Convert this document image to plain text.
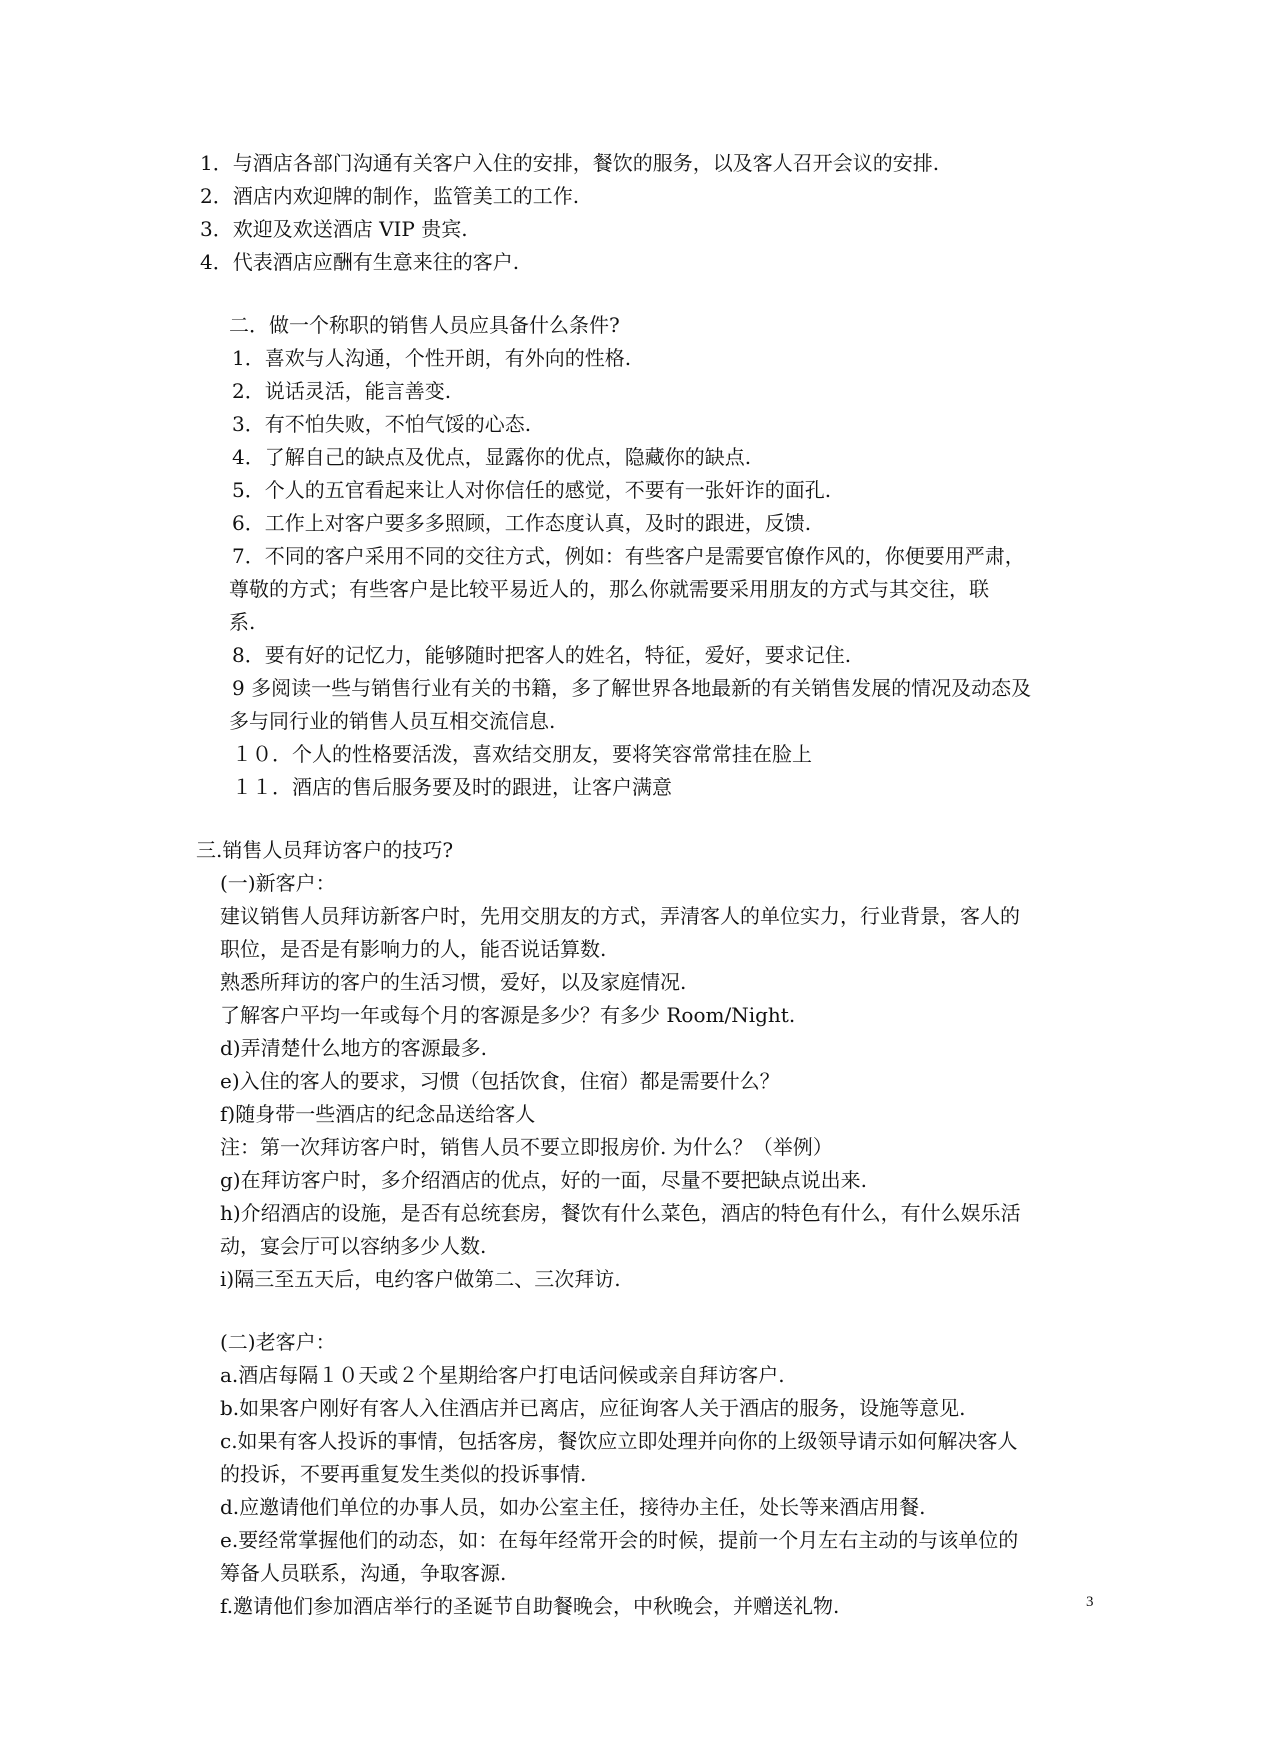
1．与酒店各部门沟通有关客户入住的安排，餐饮的服务，以及客人召开会议的安排.
2．酒店内欢迎牌的制作，监管美工的工作.
3．欢迎及欢送酒店 VIP 贵宾.
4．代表酒店应酬有生意来往的客户.
二．做一个称职的销售人员应具备什么条件?
1．喜欢与人沟通，个性开朗，有外向的性格.
2．说话灵活，能言善变.
3．有不怕失败，不怕气馁的心态.
4．了解自己的缺点及优点，显露你的优点，隐藏你的缺点.
5．个人的五官看起来让人对你信任的感觉，不要有一张奸诈的面孔.
6．工作上对客户要多多照顾，工作态度认真，及时的跟进，反馈.
7．不同的客户采用不同的交往方式，例如：有些客户是需要官僚作风的，你便要用严肃，
尊敬的方式；有些客户是比较平易近人的，那么你就需要采用朋友的方式与其交往，联
系.
8．要有好的记忆力，能够随时把客人的姓名，特征，爱好，要求记住.
9 多阅读一些与销售行业有关的书籍，多了解世界各地最新的有关销售发展的情况及动态及
多与同行业的销售人员互相交流信息.
１０．个人的性格要活泼，喜欢结交朋友，要将笑容常常挂在脸上
１１．酒店的售后服务要及时的跟进，让客户满意
三.销售人员拜访客户的技巧?
(一)新客户：
建议销售人员拜访新客户时，先用交朋友的方式，弄清客人的单位实力，行业背景，客人的
职位，是否是有影响力的人，能否说话算数.
熟悉所拜访的客户的生活习惯，爱好，以及家庭情况.
了解客户平均一年或每个月的客源是多少？有多少 Room/Night.
d)弄清楚什么地方的客源最多.
e)入住的客人的要求，习惯（包括饮食，住宿）都是需要什么？
f)随身带一些酒店的纪念品送给客人
注：第一次拜访客户时，销售人员不要立即报房价. 为什么？（举例）
g)在拜访客户时，多介绍酒店的优点，好的一面，尽量不要把缺点说出来.
h)介绍酒店的设施，是否有总统套房，餐饮有什么菜色，酒店的特色有什么，有什么娱乐活
动，宴会厅可以容纳多少人数.
i)隔三至五天后，电约客户做第二、三次拜访.
(二)老客户：
a.酒店每隔１０天或２个星期给客户打电话问候或亲自拜访客户.
b.如果客户刚好有客人入住酒店并已离店，应征询客人关于酒店的服务，设施等意见.
c.如果有客人投诉的事情，包括客房，餐饮应立即处理并向你的上级领导请示如何解决客人
的投诉，不要再重复发生类似的投诉事情.
d.应邀请他们单位的办事人员，如办公室主任，接待办主任，处长等来酒店用餐.
e.要经常掌握他们的动态，如：在每年经常开会的时候，提前一个月左右主动的与该单位的
筹备人员联系，沟通，争取客源.
f.邀请他们参加酒店举行的圣诞节自助餐晚会，中秋晚会，并赠送礼物.	3
